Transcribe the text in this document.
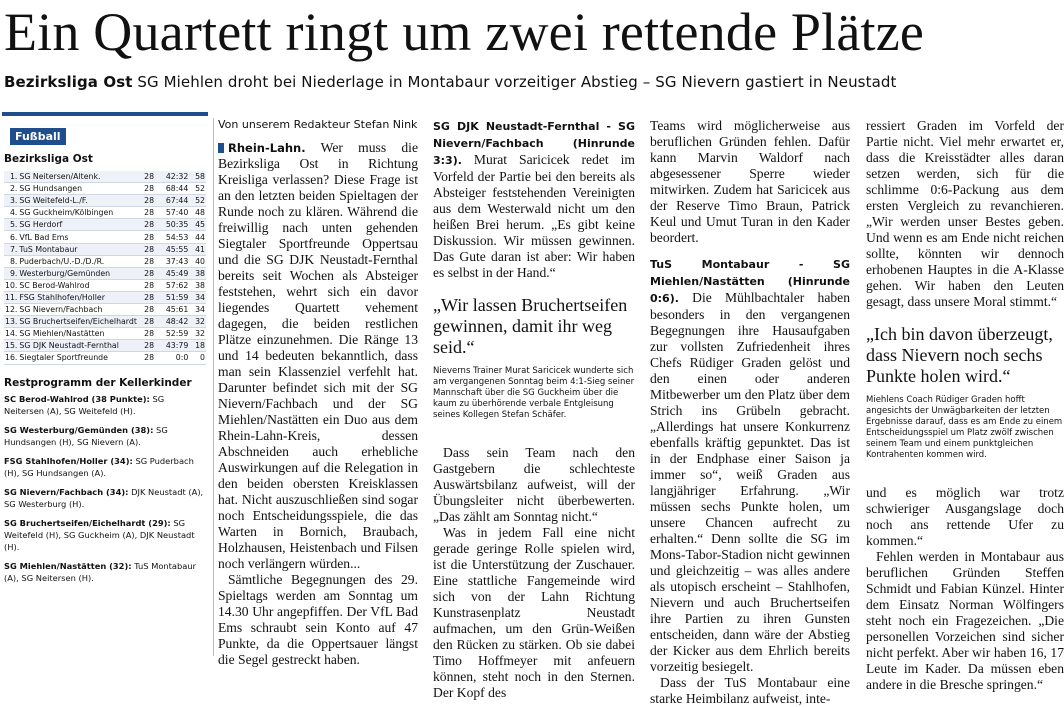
Ein Quartett ringt um zwei rettende Plätze
Bezirksliga Ost SG Miehlen droht bei Niederlage in Montabaur vorzeitiger Abstieg – SG Nievern gastiert in Neustadt
Fußball
Bezirksliga Ost
1.	SG Neitersen/Altenk.	28	42:32	58
2.	SG Hundsangen	28	68:44	52
3.	SG Weitefeld-L./F.	28	67:44	52
4.	SG Guckheim/Kölbingen	28	57:40	48
5.	SG Herdorf	28	50:35	45
6.	VfL Bad Ems	28	54:53	44
7.	TuS Montabaur	28	45:55	41
8.	Puderbach/U.-D./D./R.	28	37:43	40
9.	Westerburg/Gemünden	28	45:49	38
10.	SC Berod-Wahlrod	28	57:62	38
11.	FSG Stahlhofen/Holler	28	51:59	34
12.	SG Nievern/Fachbach	28	45:61	34
13.	SG Bruchertseifen/Eichelhardt	28	48:42	32
14.	SG Miehlen/Nastätten	28	52:59	32
15.	SG DJK Neustadt-Fernthal	28	43:79	18
16.	Siegtaler Sportfreunde	28	0:0	0
Restprogramm der Kellerkinder
SC Berod-Wahlrod (38 Punkte): SG Neitersen (A), SG Weitefeld (H).
SG Westerburg/Gemünden (38): SG Hundsangen (H), SG Nievern (A).
FSG Stahlhofen/Holler (34): SG Puderbach (H), SG Hundsangen (A).
SG Nievern/Fachbach (34): DJK Neustadt (A), SG Westerburg (H).
SG Bruchertseifen/Eichelhardt (29): SG Weitefeld (H), SG Guckheim (A), DJK Neustadt (H).
SG Miehlen/Nastätten (32): TuS Montabaur (A), SG Neitersen (H).
Von unserem Redakteur Stefan Nink

Rhein-Lahn. Wer muss die Bezirksliga Ost in Richtung Kreisliga verlassen? Diese Frage ist an den letzten beiden Spieltagen der Runde noch zu klären. Während die freiwillig nach unten gehenden Siegtaler Sportfreunde Oppertsau und die SG DJK Neustadt-Fernthal bereits seit Wochen als Absteiger feststehen, wehrt sich ein davor liegendes Quartett vehement dagegen, die beiden restlichen Plätze einzunehmen. Die Ränge 13 und 14 bedeuten bekanntlich, dass man sein Klassenziel verfehlt hat. Darunter befindet sich mit der SG Nievern/Fachbach und der SG Miehlen/Nastätten ein Duo aus dem Rhein-Lahn-Kreis, dessen Abschneiden auch erhebliche Auswirkungen auf die Relegation in den beiden obersten Kreisklassen hat. Nicht auszuschließen sind sogar noch Entscheidungsspiele, die das Warten in Bornich, Braubach, Holzhausen, Heistenbach und Filsen noch verlängern würden...

Sämtliche Begegnungen des 29. Spieltags werden am Sonntag um 14.30 Uhr angepfiffen. Der VfL Bad Ems schraubt sein Konto auf 47 Punkte, da die Oppertsauer längst die Segel gestreckt haben.

SG DJK Neustadt-Fernthal - SG Nievern/Fachbach (Hinrunde 3:3). Murat Saricicek redet im Vorfeld der Partie bei den bereits als Absteiger feststehenden Vereinigten aus dem Westerwald nicht um den heißen Brei herum. „Es gibt keine Diskussion. Wir müssen gewinnen. Das Gute daran ist aber: Wir haben es selbst in der Hand.“

„Wir lassen Bruchertseifen gewinnen, damit ihr weg seid.“
Nieverns Trainer Murat Saricicek wunderte sich am vergangenen Sonntag beim 4:1-Sieg seiner Mannschaft über die SG Guckheim über die kaum zu überhörende verbale Entgleisung seines Kollegen Stefan Schäfer.

Dass sein Team nach den Gastgebern die schlechteste Auswärtsbilanz aufweist, will der Übungsleiter nicht überbewerten. „Das zählt am Sonntag nicht.“

Was in jedem Fall eine nicht gerade geringe Rolle spielen wird, ist die Unterstützung der Zuschauer. Eine stattliche Fangemeinde wird sich von der Lahn Richtung Kunstrasenplatz Neustadt aufmachen, um den Grün-Weißen den Rücken zu stärken. Ob sie dabei Timo Hoffmeyer mit anfeuern können, steht noch in den Sternen. Der Kopf des

Teams wird möglicherweise aus beruflichen Gründen fehlen. Dafür kann Marvin Waldorf nach abgesessener Sperre wieder mitwirken. Zudem hat Saricicek aus der Reserve Timo Braun, Patrick Keul und Umut Turan in den Kader beordert.

TuS Montabaur - SG Miehlen/Nastätten (Hinrunde 0:6). Die Mühlbachtaler haben besonders in den vergangenen Begegnungen ihre Hausaufgaben zur vollsten Zufriedenheit ihres Chefs Rüdiger Graden gelöst und den einen oder anderen Mitbewerber um den Platz über dem Strich ins Grübeln gebracht. „Allerdings hat unsere Konkurrenz ebenfalls kräftig gepunktet. Das ist in der Endphase einer Saison ja immer so“, weiß Graden aus langjähriger Erfahrung. „Wir müssen sechs Punkte holen, um unsere Chancen aufrecht zu erhalten.“ Denn sollte die SG im Mons-Tabor-Stadion nicht gewinnen und gleichzeitig – was alles andere als utopisch erscheint – Stahlhofen, Nievern und auch Bruchertseifen ihre Partien zu ihren Gunsten entscheiden, dann wäre der Abstieg der Kicker aus dem Ehrlich bereits vorzeitig besiegelt.

Dass der TuS Montabaur eine starke Heimbilanz aufweist, inte-

ressiert Graden im Vorfeld der Partie nicht. Viel mehr erwartet er, dass die Kreisstädter alles daran setzen werden, sich für die schlimme 0:6-Packung aus dem ersten Vergleich zu revanchieren. „Wir werden unser Bestes geben. Und wenn es am Ende nicht reichen sollte, könnten wir dennoch erhobenen Hauptes in die A-Klasse gehen. Wir haben den Leuten gesagt, dass unsere Moral stimmt.“

„Ich bin davon überzeugt, dass Nievern noch sechs Punkte holen wird.“
Miehlens Coach Rüdiger Graden hofft angesichts der Unwägbarkeiten der letzten Ergebnisse darauf, dass es am Ende zu einem Entscheidungsspiel um Platz zwölf zwischen seinem Team und einem punktgleichen Kontrahenten kommen wird.

und es möglich war trotz schwieriger Ausgangslage doch noch ans rettende Ufer zu kommen.“

Fehlen werden in Montabaur aus beruflichen Gründen Steffen Schmidt und Fabian Künzel. Hinter dem Einsatz Norman Wölfingers steht noch ein Fragezeichen. „Die personellen Vorzeichen sind sicher nicht perfekt. Aber wir haben 16, 17 Leute im Kader. Da müssen eben andere in die Bresche springen.“
